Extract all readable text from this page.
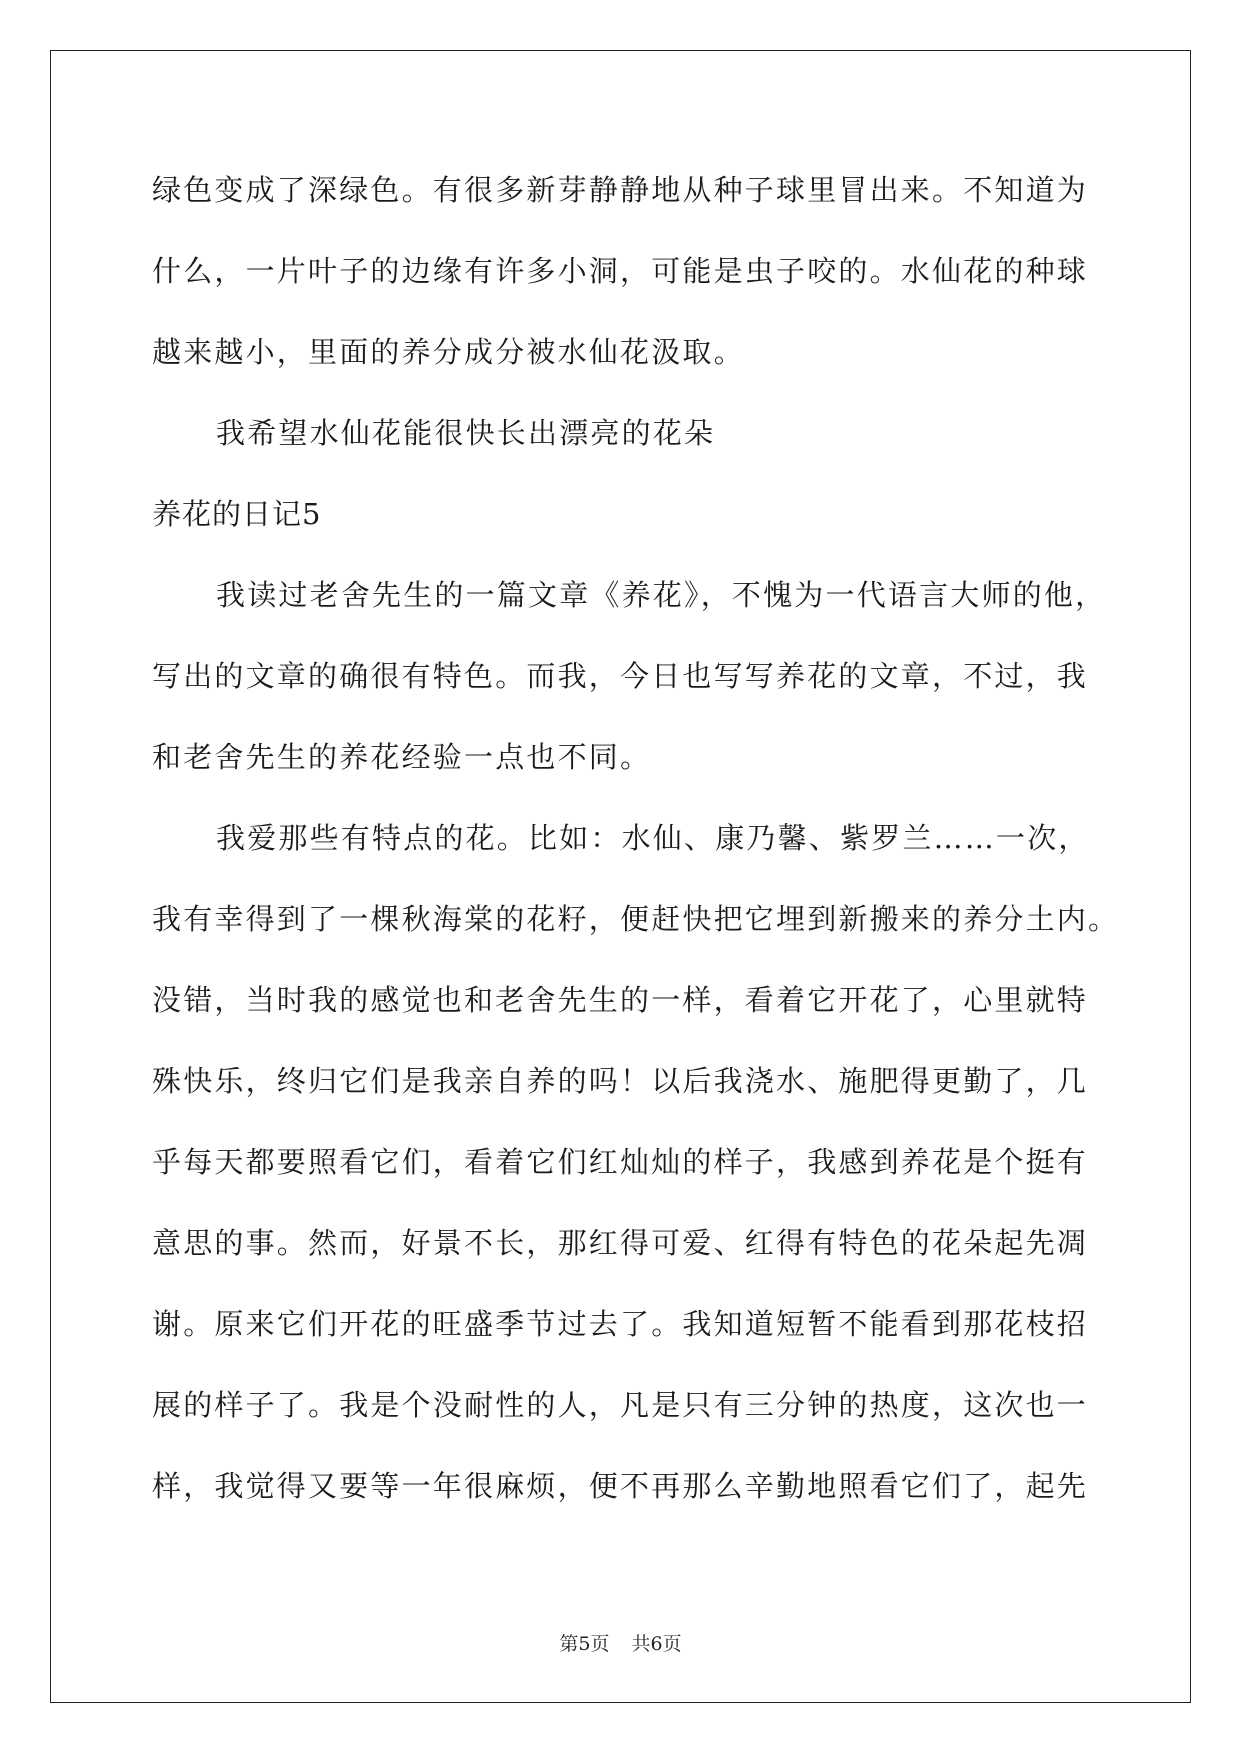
绿色变成了深绿色。有很多新芽静静地从种子球里冒出来。不知道为
什么，一片叶子的边缘有许多小洞，可能是虫子咬的。水仙花的种球
越来越小，里面的养分成分被水仙花汲取。
我希望水仙花能很快长出漂亮的花朵
养花的日记5
我读过老舍先生的一篇文章《养花》，不愧为一代语言大师的他，
写出的文章的确很有特色。而我，今日也写写养花的文章，不过，我
和老舍先生的养花经验一点也不同。
我爱那些有特点的花。比如：水仙、康乃馨、紫罗兰……一次，
我有幸得到了一棵秋海棠的花籽，便赶快把它埋到新搬来的养分土内。
没错，当时我的感觉也和老舍先生的一样，看着它开花了，心里就特
殊快乐，终归它们是我亲自养的吗！以后我浇水、施肥得更勤了，几
乎每天都要照看它们，看着它们红灿灿的样子，我感到养花是个挺有
意思的事。然而，好景不长，那红得可爱、红得有特色的花朵起先凋
谢。原来它们开花的旺盛季节过去了。我知道短暂不能看到那花枝招
展的样子了。我是个没耐性的人，凡是只有三分钟的热度，这次也一
样，我觉得又要等一年很麻烦，便不再那么辛勤地照看它们了，起先
第5页 共6页
